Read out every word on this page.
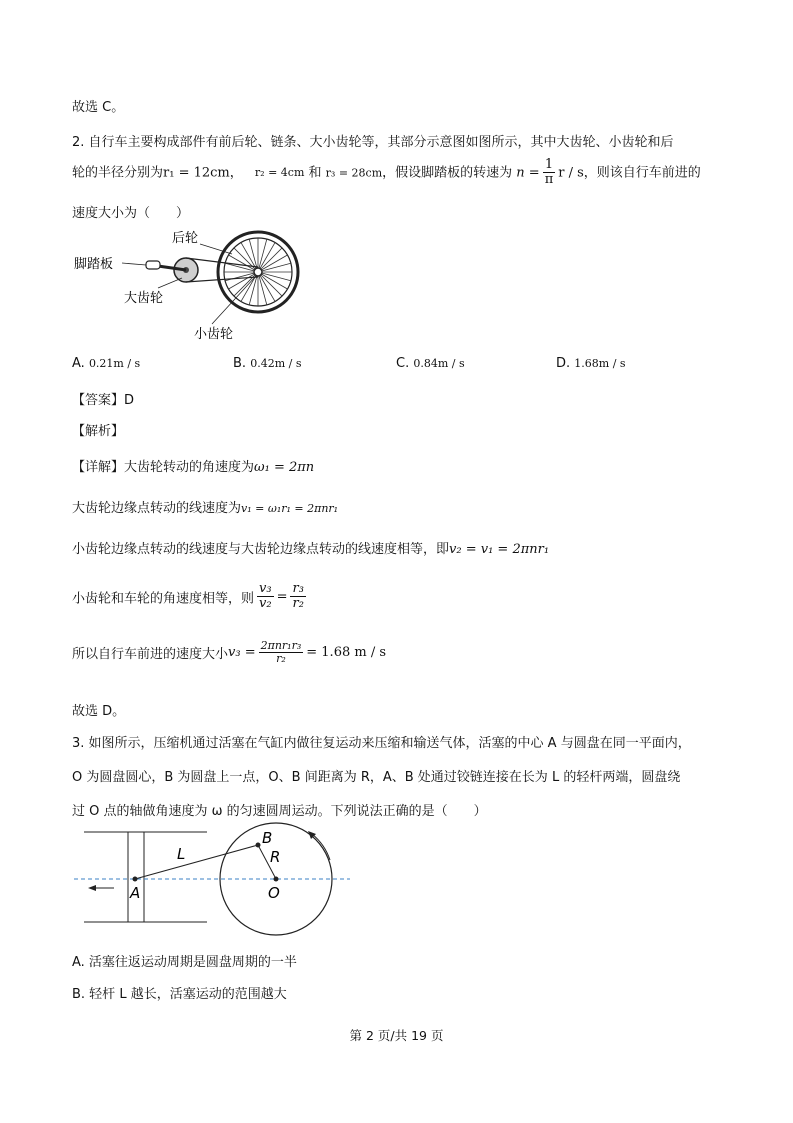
故选 C。
2. 自行车主要构成部件有前后轮、链条、大小齿轮等，其部分示意图如图所示，其中大齿轮、小齿轮和后
轮的半径分别为r₁ = 12cm， r₂ = 4cm 和 r₃ = 28cm，假设脚踏板的转速为 $n = \frac{1}{\pi}$ r / s，则该自行车前进的
速度大小为（　　）
脚踏板
后轮
大齿轮
小齿轮
A. 0.21m / s	B. 0.42m / s	C. 0.84m / s	D. 1.68m / s
【答案】D
【解析】
【详解】大齿轮转动的角速度为ω₁ = 2πn
大齿轮边缘点转动的线速度为v₁ = ω₁r₁ = 2πnr₁
小齿轮边缘点转动的线速度与大齿轮边缘点转动的线速度相等，即v₂ = v₁ = 2πnr₁
小齿轮和车轮的角速度相等，则 $\frac{\text{v₃}}{\text{v₂}} = \frac{\text{r₃}}{\text{r₂}}$
所以自行车前进的速度大小$v_3 = \frac{\text{2πnr₁r₃}}{\text{r₂}} = 1.68$ m / s
故选 D。
3. 如图所示，压缩机通过活塞在气缸内做往复运动来压缩和输送气体，活塞的中心 A 与圆盘在同一平面内，
O 为圆盘圆心，B 为圆盘上一点，O、B 间距离为 R，A、B 处通过铰链连接在长为 L 的轻杆两端，圆盘绕
过 O 点的轴做角速度为 ω 的匀速圆周运动。下列说法正确的是（　　）
B
L	R
A	O
A. 活塞往返运动周期是圆盘周期的一半
B. 轻杆 L 越长，活塞运动的范围越大
第 2 页/共 19 页
